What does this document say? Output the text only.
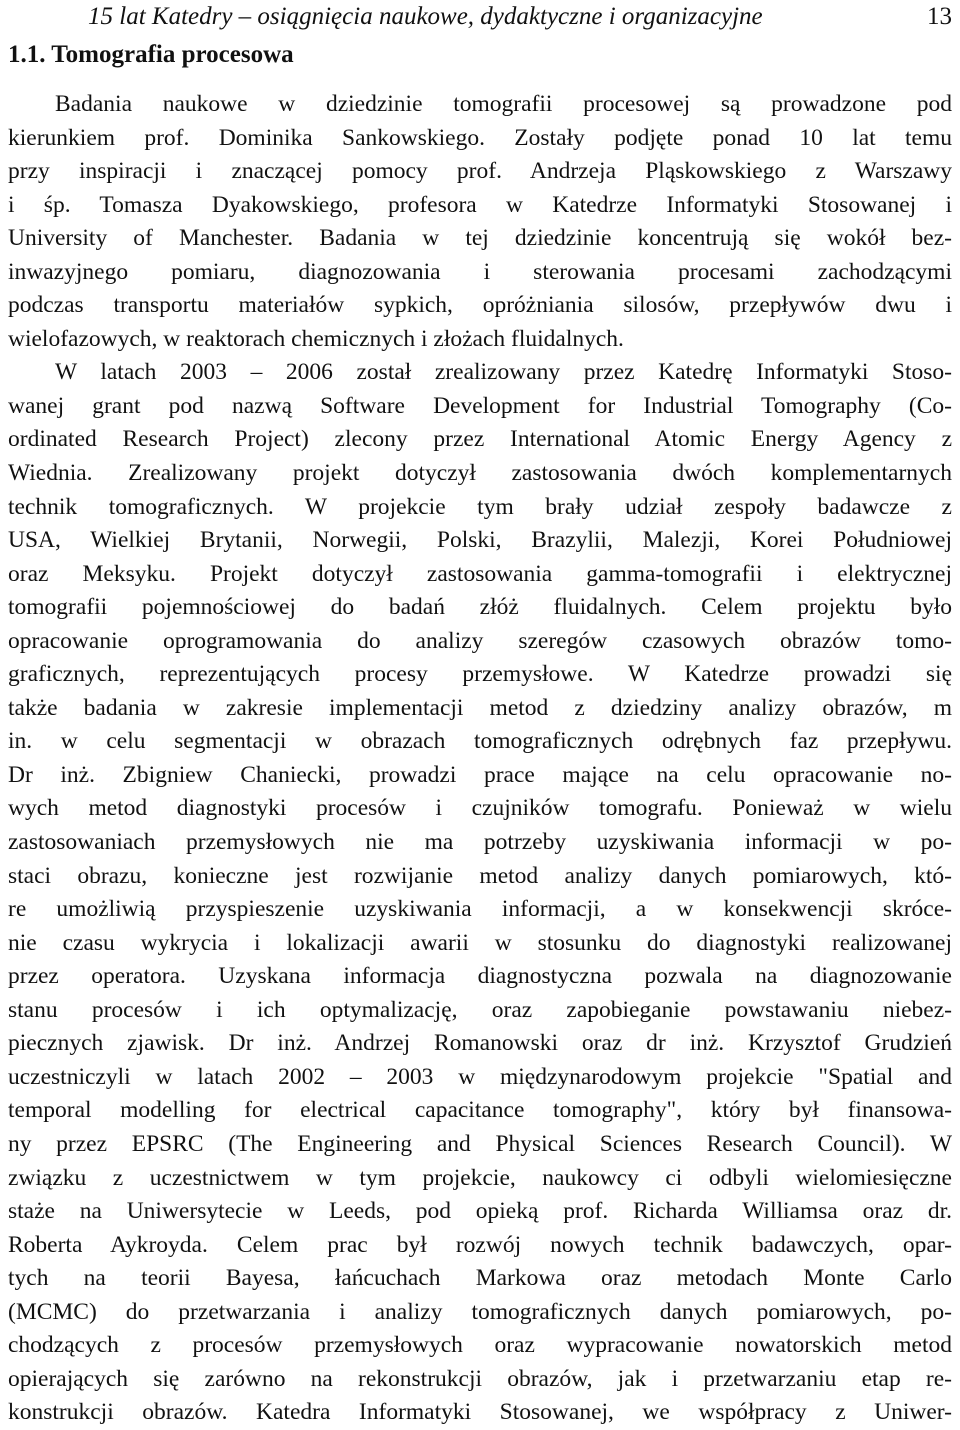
15 lat Katedry – osiągnięcia naukowe, dydaktyczne i organizacyjne	13
1.1. Tomografia procesowa
Badania naukowe w dziedzinie tomografii procesowej są prowadzone pod
kierunkiem prof. Dominika Sankowskiego. Zostały podjęte ponad 10 lat temu
przy inspiracji i znaczącej pomocy prof. Andrzeja Pląskowskiego z Warszawy
i śp. Tomasza Dyakowskiego, profesora w Katedrze Informatyki Stosowanej i
University of Manchester. Badania w tej dziedzinie koncentrują się wokół bez-
inwazyjnego pomiaru, diagnozowania i sterowania procesami zachodzącymi
podczas transportu materiałów sypkich, opróżniania silosów, przepływów dwu i
wielofazowych, w reaktorach chemicznych i złożach fluidalnych.
W latach 2003 – 2006 został zrealizowany przez Katedrę Informatyki Stoso-
wanej grant pod nazwą Software Development for Industrial Tomography (Co-
ordinated Research Project) zlecony przez International Atomic Energy Agency z
Wiednia. Zrealizowany projekt dotyczył zastosowania dwóch komplementarnych
technik tomograficznych. W projekcie tym brały udział zespoły badawcze z
USA, Wielkiej Brytanii, Norwegii, Polski, Brazylii, Malezji, Korei Południowej
oraz Meksyku. Projekt dotyczył zastosowania gamma-tomografii i elektrycznej
tomografii pojemnościowej do badań złóż fluidalnych. Celem projektu było
opracowanie oprogramowania do analizy szeregów czasowych obrazów tomo-
graficznych, reprezentujących procesy przemysłowe. W Katedrze prowadzi się
także badania w zakresie implementacji metod z dziedziny analizy obrazów, m
in. w celu segmentacji w obrazach tomograficznych odrębnych faz przepływu.
Dr inż. Zbigniew Chaniecki, prowadzi prace mające na celu opracowanie no-
wych metod diagnostyki procesów i czujników tomografu. Ponieważ w wielu
zastosowaniach przemysłowych nie ma potrzeby uzyskiwania informacji w po-
staci obrazu, konieczne jest rozwijanie metod analizy danych pomiarowych, któ-
re umożliwią przyspieszenie uzyskiwania informacji, a w konsekwencji skróce-
nie czasu wykrycia i lokalizacji awarii w stosunku do diagnostyki realizowanej
przez operatora. Uzyskana informacja diagnostyczna pozwala na diagnozowanie
stanu procesów i ich optymalizację, oraz zapobieganie powstawaniu niebez-
piecznych zjawisk. Dr inż. Andrzej Romanowski oraz dr inż. Krzysztof Grudzień
uczestniczyli w latach 2002 – 2003 w międzynarodowym projekcie "Spatial and
temporal modelling for electrical capacitance tomography", który był finansowa-
ny przez EPSRC (The Engineering and Physical Sciences Research Council). W
związku z uczestnictwem w tym projekcie, naukowcy ci odbyli wielomiesięczne
staże na Uniwersytecie w Leeds, pod opieką prof. Richarda Williamsa oraz dr.
Roberta Aykroyda. Celem prac był rozwój nowych technik badawczych, opar-
tych na teorii Bayesa, łańcuchach Markowa oraz metodach Monte Carlo
(MCMC) do przetwarzania i analizy tomograficznych danych pomiarowych, po-
chodzących z procesów przemysłowych oraz wypracowanie nowatorskich metod
opierających się zarówno na rekonstrukcji obrazów, jak i przetwarzaniu etap re-
konstrukcji obrazów. Katedra Informatyki Stosowanej, we współpracy z Uniwer-
